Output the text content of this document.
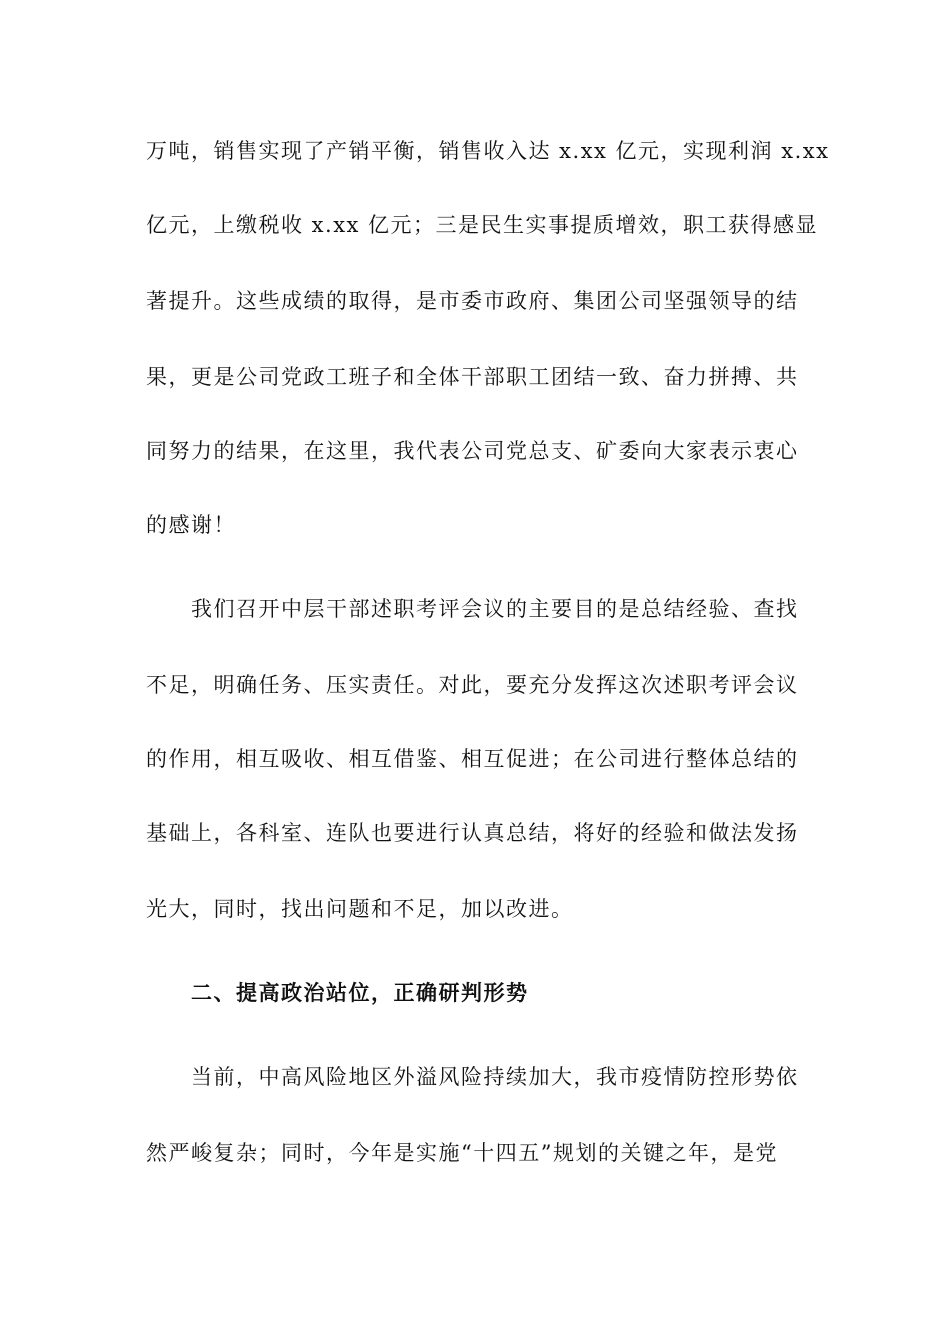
万吨，销售实现了产销平衡，销售收入达 x.xx 亿元，实现利润 x.xx
亿元，上缴税收 x.xx 亿元；三是民生实事提质增效，职工获得感显
著提升。这些成绩的取得，是市委市政府、集团公司坚强领导的结
果，更是公司党政工班子和全体干部职工团结一致、奋力拼搏、共
同努力的结果，在这里，我代表公司党总支、矿委向大家表示衷心
的感谢！
我们召开中层干部述职考评会议的主要目的是总结经验、查找
不足，明确任务、压实责任。对此，要充分发挥这次述职考评会议
的作用，相互吸收、相互借鉴、相互促进；在公司进行整体总结的
基础上，各科室、连队也要进行认真总结，将好的经验和做法发扬
光大，同时，找出问题和不足，加以改进。
二、提高政治站位，正确研判形势
当前，中高风险地区外溢风险持续加大，我市疫情防控形势依
然严峻复杂；同时，今年是实施“十四五”规划的关键之年，是党
